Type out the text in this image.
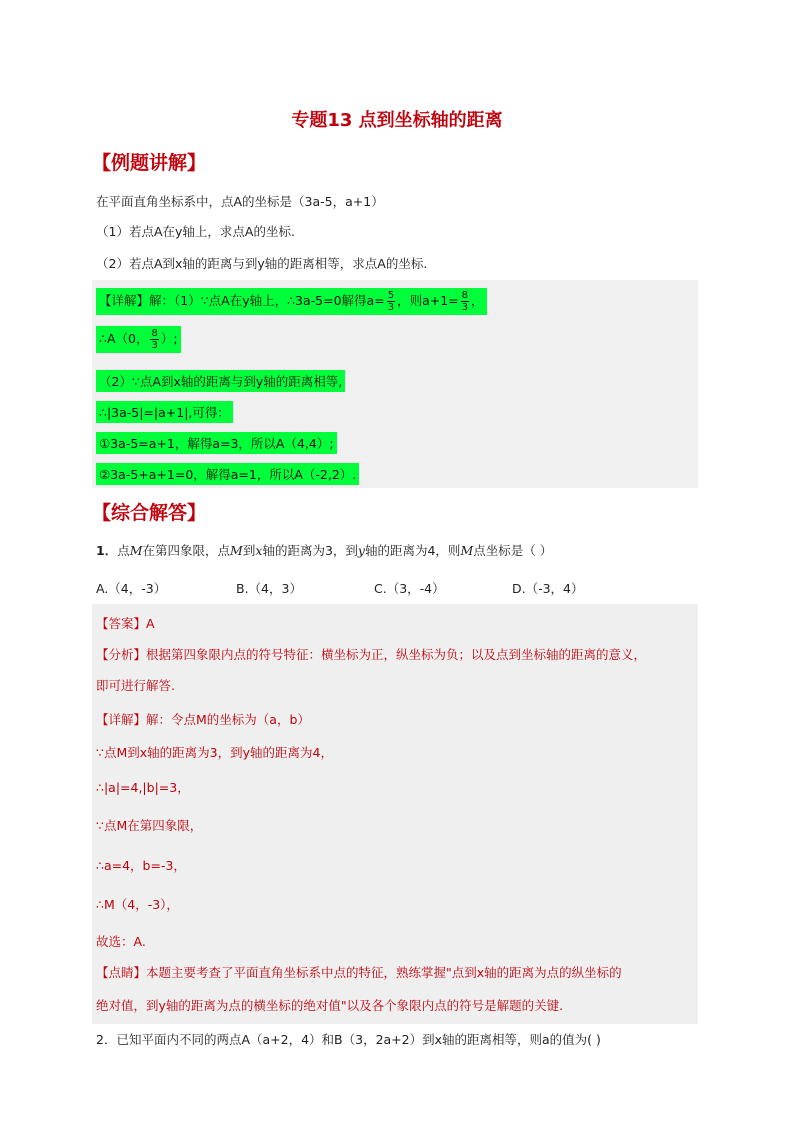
专题13 点到坐标轴的距离
【例题讲解】
在平面直角坐标系中，点A的坐标是（3a-5，a+1）
（1）若点A在y轴上，求点A的坐标.
（2）若点A到x轴的距离与到y轴的距离相等，求点A的坐标.
【详解】解：（1）∵点A在y轴上，∴3a-5=0解得$a= \frac{5}{3}$ ，则$a+1= \frac{8}{3}$ ，
∴A（0， $\frac{8}{3}$ ）;
（2）∵点A到x轴的距离与到y轴的距离相等,
∴|3a-5|=|a+1|,可得：
①3a-5=a+1，解得a=3，所以A（4,4）;
②3a-5+a+1=0，解得a=1，所以A（-2,2）.
【综合解答】
1．点M在第四象限，点M到x轴的距离为3，到y轴的距离为4，则M点坐标是（ ）
A.（4，-3）	B.（4，3）	C.（3，-4）	D.（-3，4）
【答案】A
【分析】根据第四象限内点的符号特征：横坐标为正，纵坐标为负；以及点到坐标轴的距离的意义，
即可进行解答.
【详解】解：令点M的坐标为（a，b）
∵点M到x轴的距离为3，到y轴的距离为4，
∴|a|=4,|b|=3，
∵点M在第四象限，
∴a=4，b=-3，
∴M（4，-3），
故选：A.
【点睛】本题主要考查了平面直角坐标系中点的特征，熟练掌握"点到x轴的距离为点的纵坐标的
绝对值，到y轴的距离为点的横坐标的绝对值"以及各个象限内点的符号是解题的关键.
2．已知平面内不同的两点A（a+2，4）和B（3，2a+2）到x轴的距离相等，则a的值为( )
